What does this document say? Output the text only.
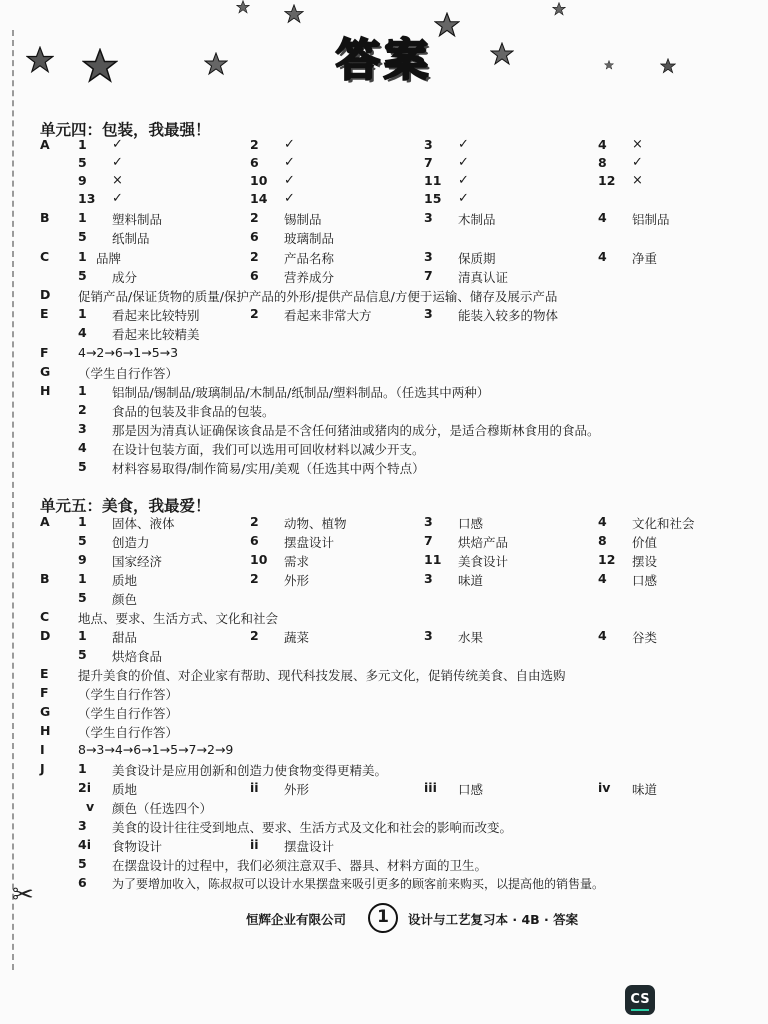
✂
答案
单元四：包装，我最强！
A 1 ✓	2 ✓	3 ✓	4 ×
5 ✓	6 ✓	7 ✓	8 ✓
9 ×	10 ✓	11 ✓	12 ×
13 ✓	14 ✓	15 ✓
B 1 塑料制品	2 锡制品	3 木制品	4 铝制品
5 纸制品	6 玻璃制品
C 1 品牌	2 产品名称	3 保质期	4 净重
5 成分	6 营养成分	7 清真认证
D 促销产品/保证货物的质量/保护产品的外形/提供产品信息/方便于运输、储存及展示产品
E 1 看起来比较特别	2 看起来非常大方	3 能装入较多的物体
4 看起来比较精美
F 4→2→6→1→5→3
G （学生自行作答）
H 1 铝制品/锡制品/玻璃制品/木制品/纸制品/塑料制品。（任选其中两种）
2 食品的包装及非食品的包装。
3 那是因为清真认证确保该食品是不含任何猪油或猪肉的成分，是适合穆斯林食用的食品。
4 在设计包装方面，我们可以选用可回收材料以减少开支。
5 材料容易取得/制作简易/实用/美观（任选其中两个特点）
单元五：美食，我最爱！
A 1 固体、液体	2 动物、植物	3 口感	4 文化和社会
5 创造力	6 摆盘设计	7 烘焙产品	8 价值
9 国家经济	10 需求	11 美食设计	12 摆设
B 1 质地	2 外形	3 味道	4 口感
5 颜色
C 地点、要求、生活方式、文化和社会
D 1 甜品	2 蔬菜	3 水果	4 谷类
5 烘焙食品
E 提升美食的价值、对企业家有帮助、现代科技发展、多元文化，促销传统美食、自由选购
F （学生自行作答）
G （学生自行作答）
H （学生自行作答）
I	8→3→4→6→1→5→7→2→9
J	1 美食设计是应用创新和创造力使食物变得更精美。
2i 质地	ii 外形	iii 口感	iv 味道
v 颜色（任选四个）
3 美食的设计往往受到地点、要求、生活方式及文化和社会的影响而改变。
4i 食物设计	ii 摆盘设计
5 在摆盘设计的过程中，我们必须注意双手、器具、材料方面的卫生。
6 为了要增加收入，陈叔叔可以设计水果摆盘来吸引更多的顾客前来购买，以提高他的销售量。
恒辉企业有限公司	1	设计与工艺复习本 · 4B · 答案
CS
